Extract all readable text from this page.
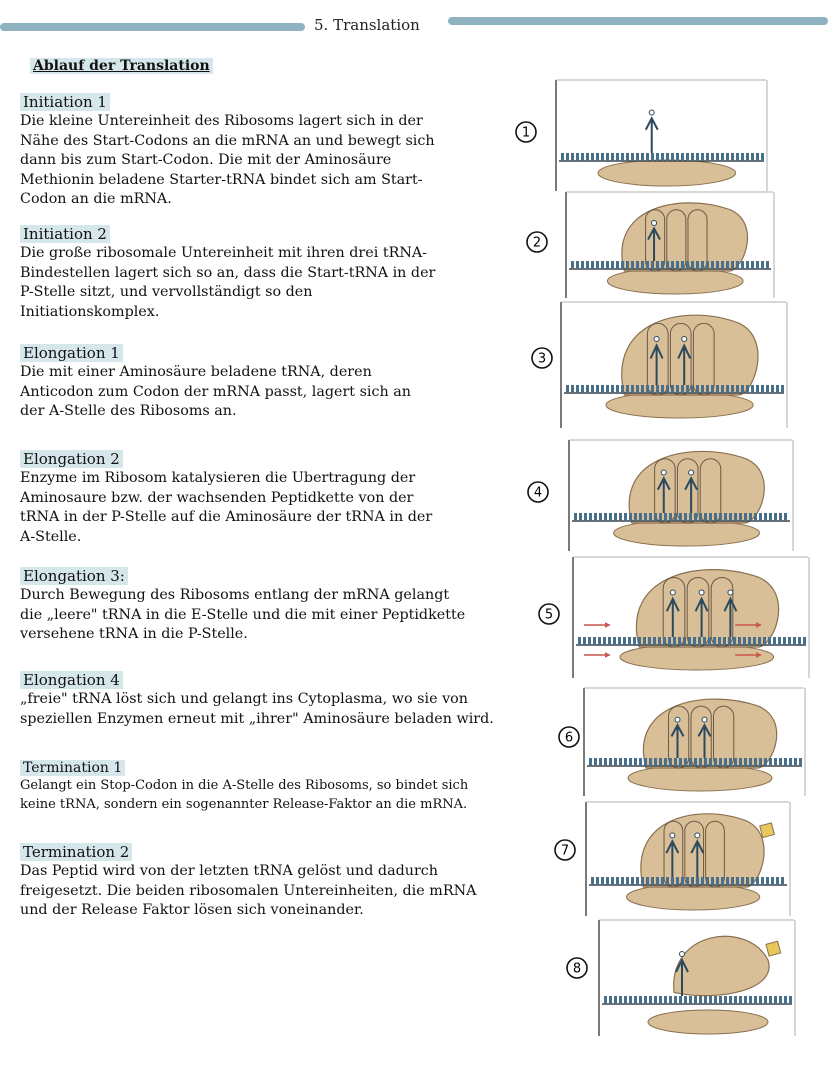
5. Translation
Ablauf der Translation
Initiation 1
Die kleine Untereinheit des Ribosoms lagert sich in der
Nähe des Start-Codons an die mRNA an und bewegt sich
dann bis zum Start-Codon. Die mit der Aminosäure
Methionin beladene Starter-tRNA bindet sich am Start-
Codon an die mRNA.
Initiation 2
Die große ribosomale Untereinheit mit ihren drei tRNA-
Bindestellen lagert sich so an, dass die Start-tRNA in der
P-Stelle sitzt, und vervollständigt so den
Initiationskomplex.
Elongation 1
Die mit einer Aminosäure beladene tRNA, deren
Anticodon zum Codon der mRNA passt, lagert sich an
der A-Stelle des Ribosoms an.
Elongation 2
Enzyme im Ribosom katalysieren die Ubertragung der
Aminosaure bzw. der wachsenden Peptidkette von der
tRNA in der P-Stelle auf die Aminosäure der tRNA in der
A-Stelle.
Elongation 3:
Durch Bewegung des Ribosoms entlang der mRNA gelangt
die „leere" tRNA in die E-Stelle und die mit einer Peptidkette
versehene tRNA in die P-Stelle.
Elongation 4
„freie" tRNA löst sich und gelangt ins Cytoplasma, wo sie von
speziellen Enzymen erneut mit „ihrer" Aminosäure beladen wird.
Termination 1
Gelangt ein Stop-Codon in die A-Stelle des Ribosoms, so bindet sich
keine tRNA, sondern ein sogenannter Release-Faktor an die mRNA.
Termination 2
Das Peptid wird von der letzten tRNA gelöst und dadurch
freigesetzt. Die beiden ribosomalen Untereinheiten, die mRNA
und der Release Faktor lösen sich voneinander.
1
2
3
4
5
6
7
8
